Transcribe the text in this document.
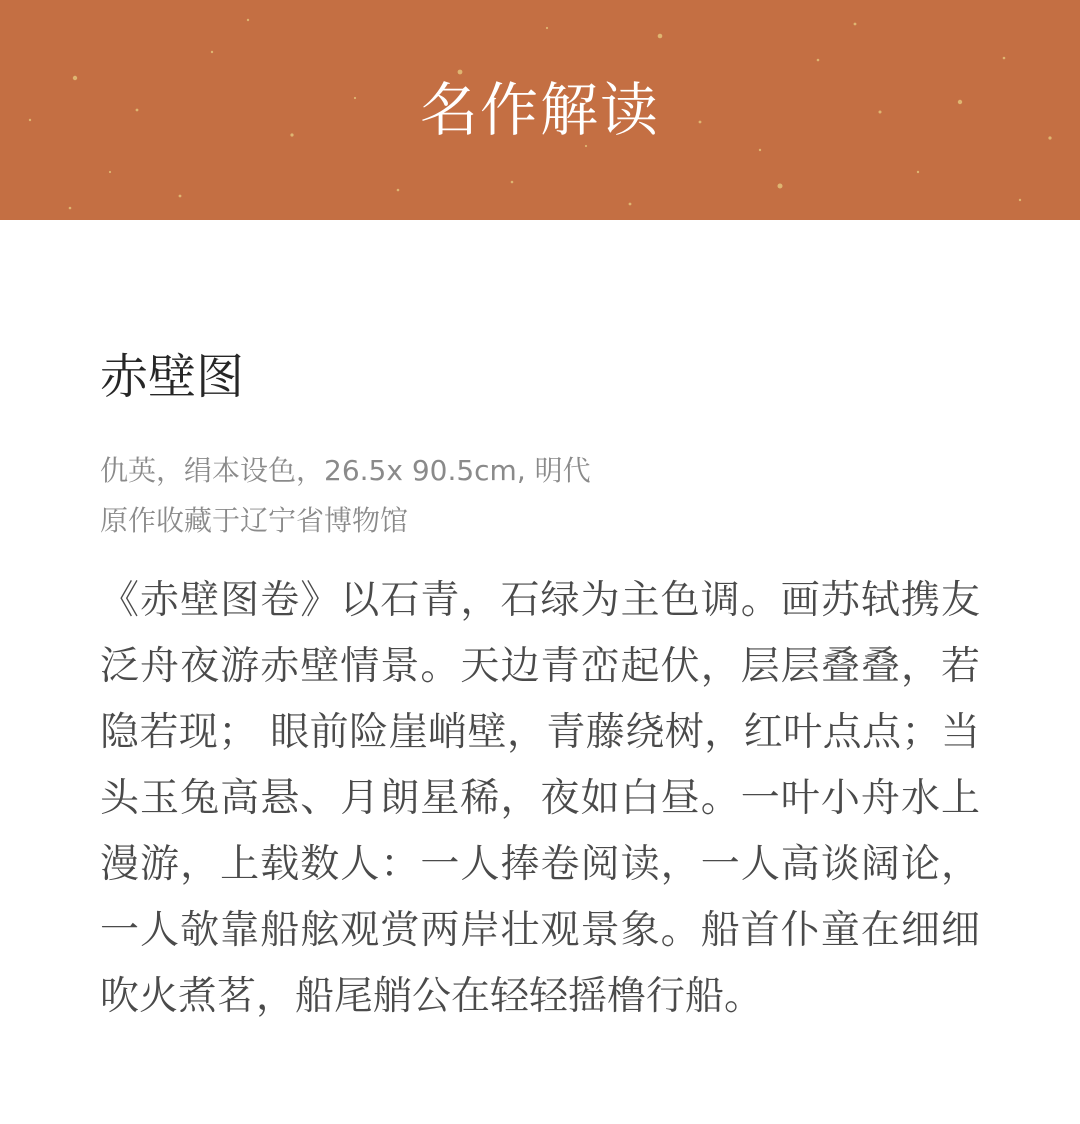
名作解读
赤壁图
仇英，绢本设色，26.5x 90.5cm, 明代
原作收藏于辽宁省博物馆

《赤壁图卷》以石青，石绿为主色调。画苏轼携友泛舟夜游赤壁情景。天边青峦起伏，层层叠叠，若隐若现； 眼前险崖峭壁，青藤绕树，红叶点点；当头玉兔高悬、月朗星稀，夜如白昼。一叶小舟水上漫游，上载数人：一人捧卷阅读，一人高谈阔论，一人欹靠船舷观赏两岸壮观景象。船首仆童在细细吹火煮茗，船尾艄公在轻轻摇橹行船。
